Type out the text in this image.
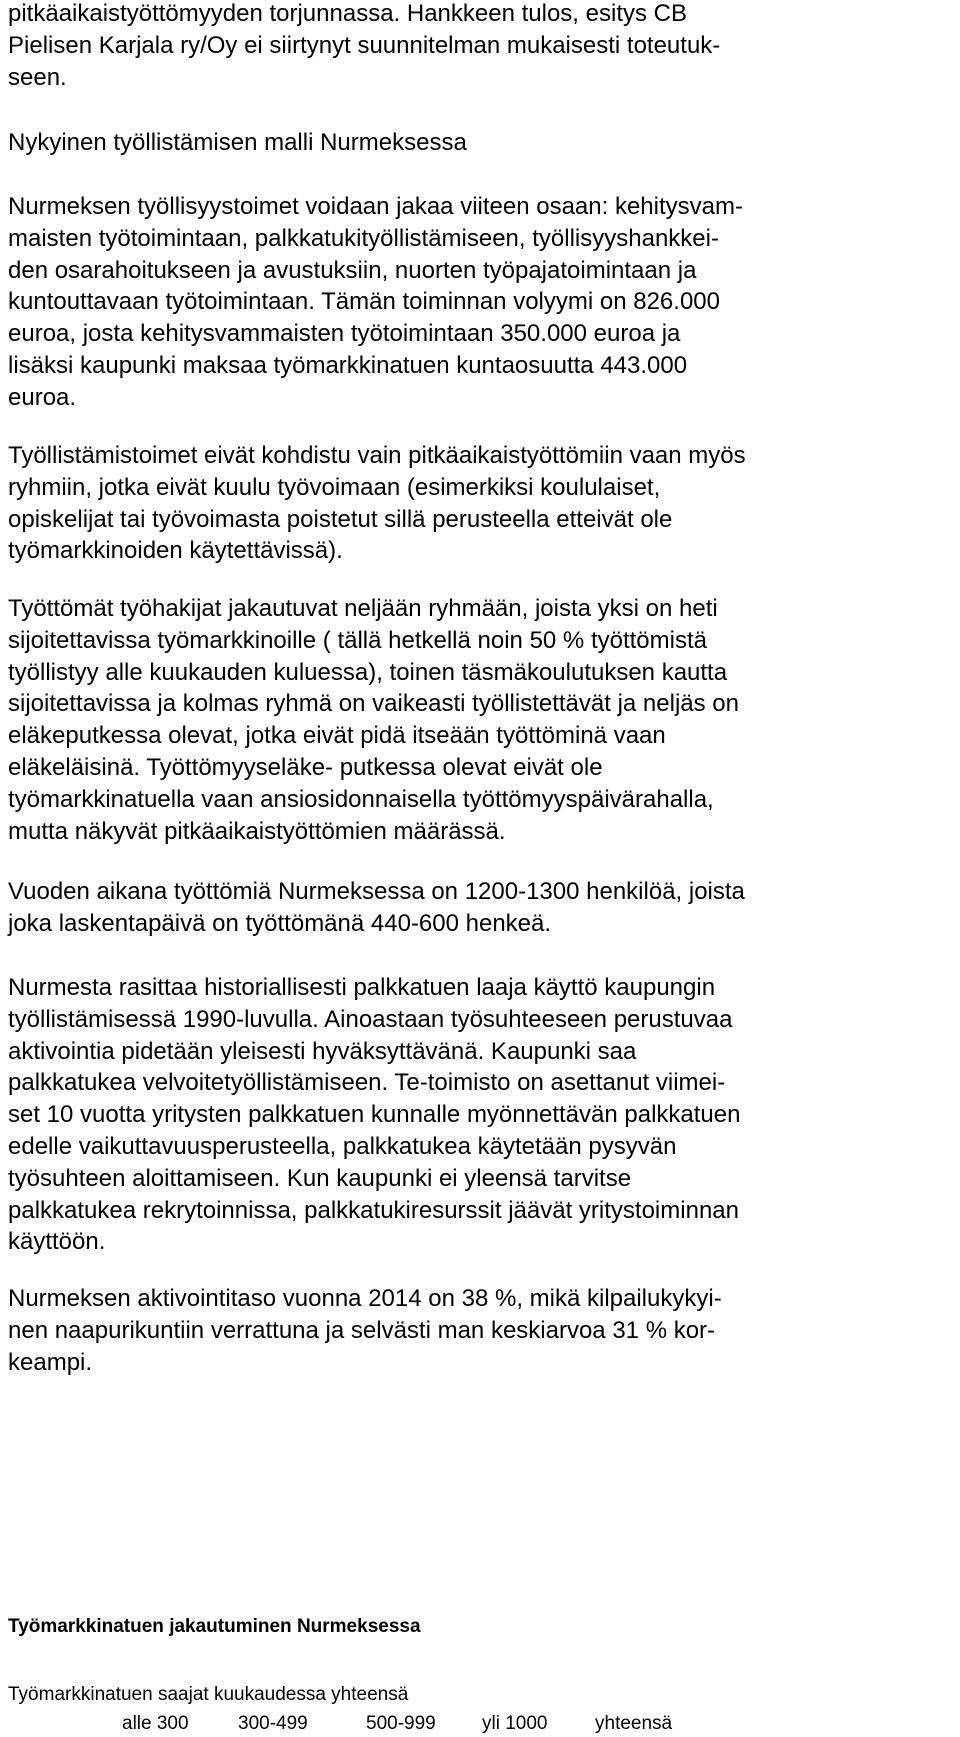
pitkäaikaistyöttömyyden torjunnassa. Hankkeen tulos, esitys CB
Pielisen Karjala ry/Oy ei siirtynyt suunnitelman mukaisesti toteutuk-
seen.
Nykyinen työllistämisen malli Nurmeksessa
Nurmeksen työllisyystoimet voidaan jakaa viiteen osaan: kehitysvam-
maisten työtoimintaan, palkkatukityöllistämiseen, työllisyyshankkei-
den osarahoitukseen ja avustuksiin, nuorten työpajatoimintaan ja
kuntouttavaan työtoimintaan. Tämän toiminnan volyymi on 826.000
euroa, josta kehitysvammaisten työtoimintaan 350.000 euroa ja
lisäksi kaupunki maksaa työmarkkinatuen kuntaosuutta 443.000
euroa.
Työllistämistoimet eivät kohdistu vain pitkäaikaistyöttömiin vaan myös
ryhmiin, jotka eivät kuulu työvoimaan (esimerkiksi koululaiset,
opiskelijat tai työvoimasta poistetut sillä perusteella etteivät ole
työmarkkinoiden käytettävissä).
Työttömät työhakijat jakautuvat neljään ryhmään, joista yksi on heti
sijoitettavissa työmarkkinoille ( tällä hetkellä noin 50 % työttömistä
työllistyy alle kuukauden kuluessa), toinen täsmäkoulutuksen kautta
sijoitettavissa ja kolmas ryhmä on vaikeasti työllistettävät ja neljäs on
eläkeputkessa olevat, jotka eivät pidä itseään työttöminä vaan
eläkeläisinä. Työttömyyseläke- putkessa olevat eivät ole
työmarkkinatuella vaan ansiosidonnaisella työttömyyspäivärahalla,
mutta näkyvät pitkäaikaistyöttömien määrässä.
Vuoden aikana työttömiä Nurmeksessa on 1200-1300 henkilöä, joista
joka laskentapäivä on työttömänä 440-600 henkeä.
Nurmesta rasittaa historiallisesti palkkatuen laaja käyttö kaupungin
työllistämisessä 1990-luvulla. Ainoastaan työsuhteeseen perustuvaa
aktivointia pidetään yleisesti hyväksyttävänä. Kaupunki saa
palkkatukea velvoitetyöllistämiseen. Te-toimisto on asettanut viimei-
set 10 vuotta yritysten palkkatuen kunnalle myönnettävän palkkatuen
edelle vaikuttavuusperusteella, palkkatukea käytetään pysyvän
työsuhteen aloittamiseen. Kun kaupunki ei yleensä tarvitse
palkkatukea rekrytoinnissa, palkkatukiresurssit jäävät yritystoiminnan
käyttöön.
Nurmeksen aktivointitaso vuonna 2014 on 38 %, mikä kilpailukykyi-
nen naapurikuntiin verrattuna ja selvästi man keskiarvoa 31 % kor-
keampi.
Työmarkkinatuen jakautuminen Nurmeksessa
Työmarkkinatuen saajat kuukaudessa yhteensä
alle 300	300-499	500-999 yli 1000	yhteensä
